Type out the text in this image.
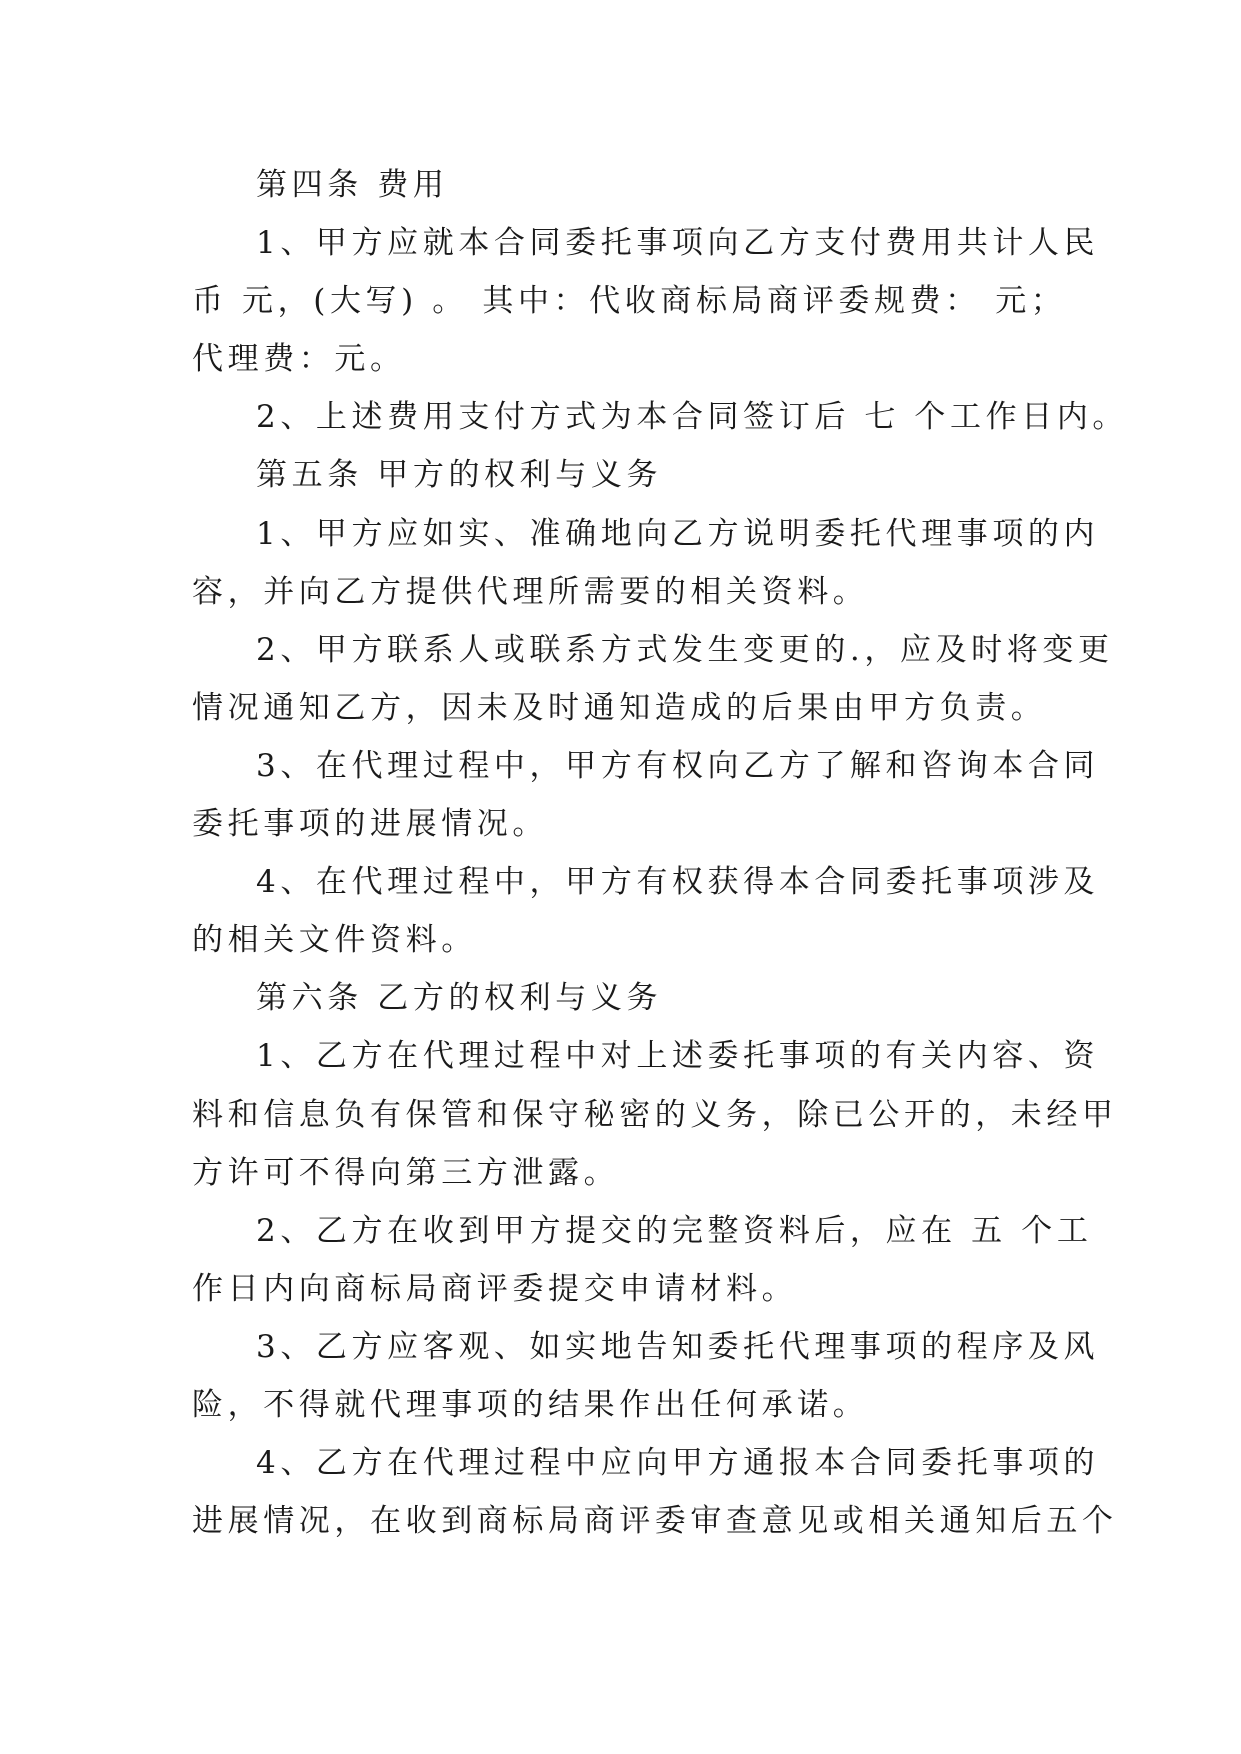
第四条 费用
1、甲方应就本合同委托事项向乙方支付费用共计人民
币 元，(大写) 。 其中：代收商标局商评委规费： 元；
代理费：元。
2、上述费用支付方式为本合同签订后 七 个工作日内。
第五条 甲方的权利与义务
1、甲方应如实、准确地向乙方说明委托代理事项的内
容，并向乙方提供代理所需要的相关资料。
2、甲方联系人或联系方式发生变更的.，应及时将变更
情况通知乙方，因未及时通知造成的后果由甲方负责。
3、在代理过程中，甲方有权向乙方了解和咨询本合同
委托事项的进展情况。
4、在代理过程中，甲方有权获得本合同委托事项涉及
的相关文件资料。
第六条 乙方的权利与义务
1、乙方在代理过程中对上述委托事项的有关内容、资
料和信息负有保管和保守秘密的义务，除已公开的，未经甲
方许可不得向第三方泄露。
2、乙方在收到甲方提交的完整资料后，应在 五 个工
作日内向商标局商评委提交申请材料。
3、乙方应客观、如实地告知委托代理事项的程序及风
险，不得就代理事项的结果作出任何承诺。
4、乙方在代理过程中应向甲方通报本合同委托事项的
进展情况，在收到商标局商评委审查意见或相关通知后五个
